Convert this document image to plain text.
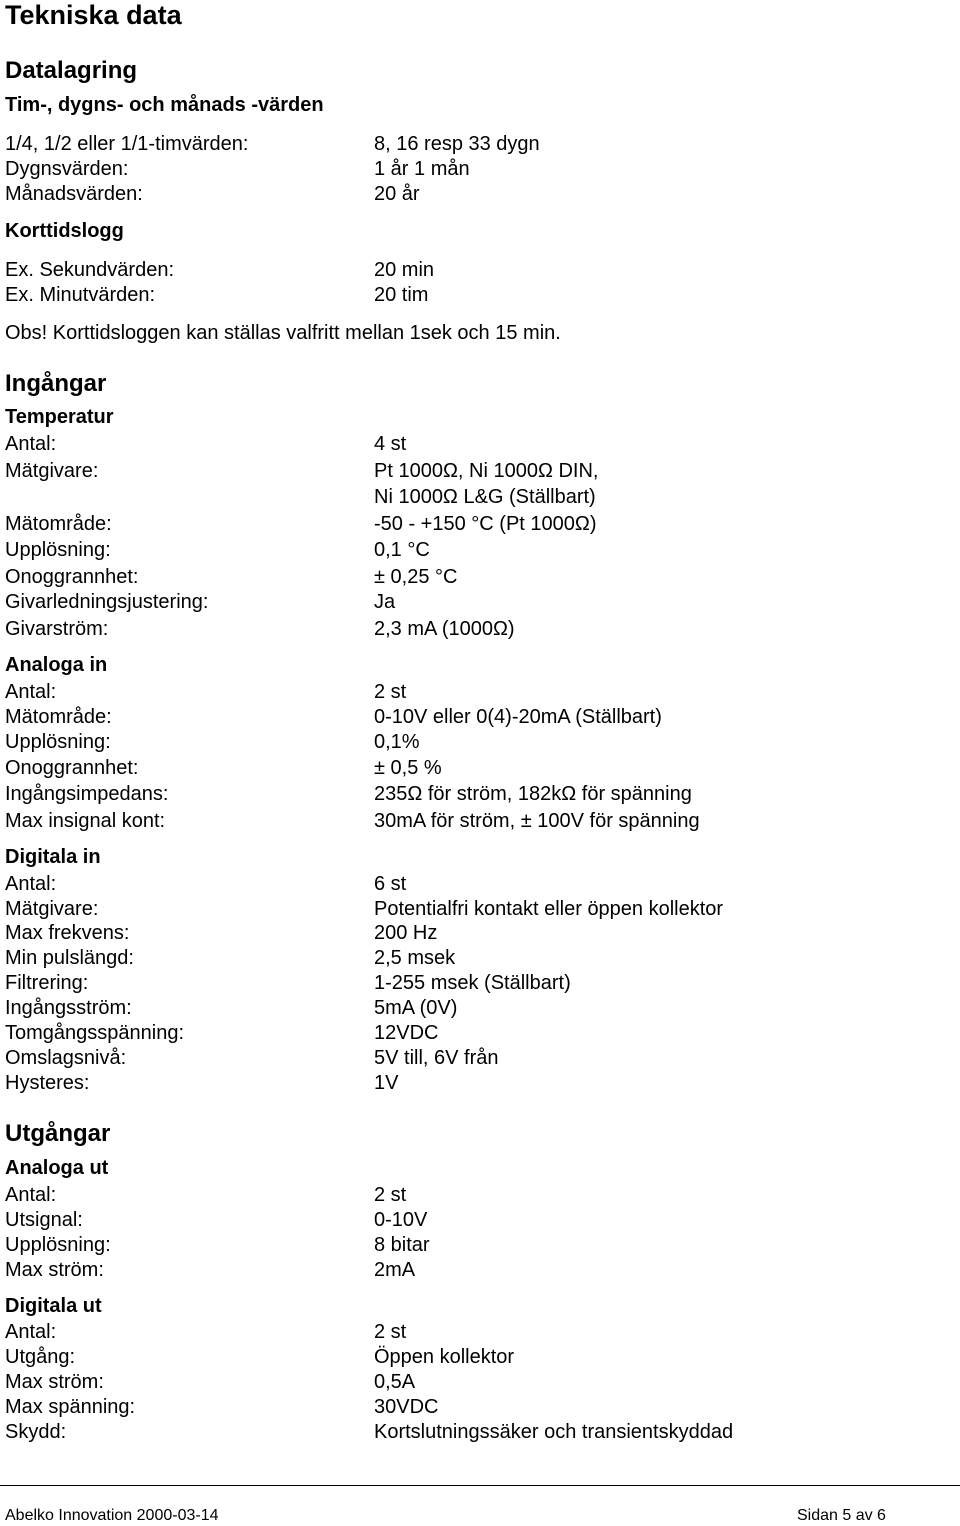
Tekniska data
Datalagring
Tim-, dygns- och månads -värden
1/4, 1/2 eller 1/1-timvärden:	8, 16 resp 33 dygn
Dygnsvärden:	1 år 1 mån
Månadsvärden:	20 år
Korttidslogg
Ex. Sekundvärden:	20 min
Ex. Minutvärden:	20 tim
Obs! Korttidsloggen kan ställas valfritt mellan 1sek och 15 min.
Ingångar
Temperatur
Antal:	4 st
Mätgivare:	Pt 1000Ω, Ni 1000Ω DIN,
Ni 1000Ω L&G (Ställbart)
Mätområde:	-50 - +150 °C (Pt 1000Ω)
Upplösning:	0,1 °C
Onoggrannhet:	± 0,25 °C
Givarledningsjustering:	Ja
Givarström:	2,3 mA (1000Ω)
Analoga in
Antal:	2 st
Mätområde:	0-10V eller 0(4)-20mA (Ställbart)
Upplösning:	0,1%
Onoggrannhet:	± 0,5 %
Ingångsimpedans:	235Ω för ström, 182kΩ för spänning
Max insignal kont:	30mA för ström, ± 100V för spänning
Digitala in
Antal:	6 st
Mätgivare:	Potentialfri kontakt eller öppen kollektor
Max frekvens:	200 Hz
Min pulslängd:	2,5 msek
Filtrering:	1-255 msek (Ställbart)
Ingångsström:	5mA (0V)
Tomgångsspänning:	12VDC
Omslagsnivå:	5V till, 6V från
Hysteres:	1V
Utgångar
Analoga ut
Antal:	2 st
Utsignal:	0-10V
Upplösning:	8 bitar
Max ström:	2mA
Digitala ut
Antal:	2 st
Utgång:	Öppen kollektor
Max ström:	0,5A
Max spänning:	30VDC
Skydd:	Kortslutningssäker och transientskyddad
Abelko Innovation 2000-03-14	Sidan 5 av 6
